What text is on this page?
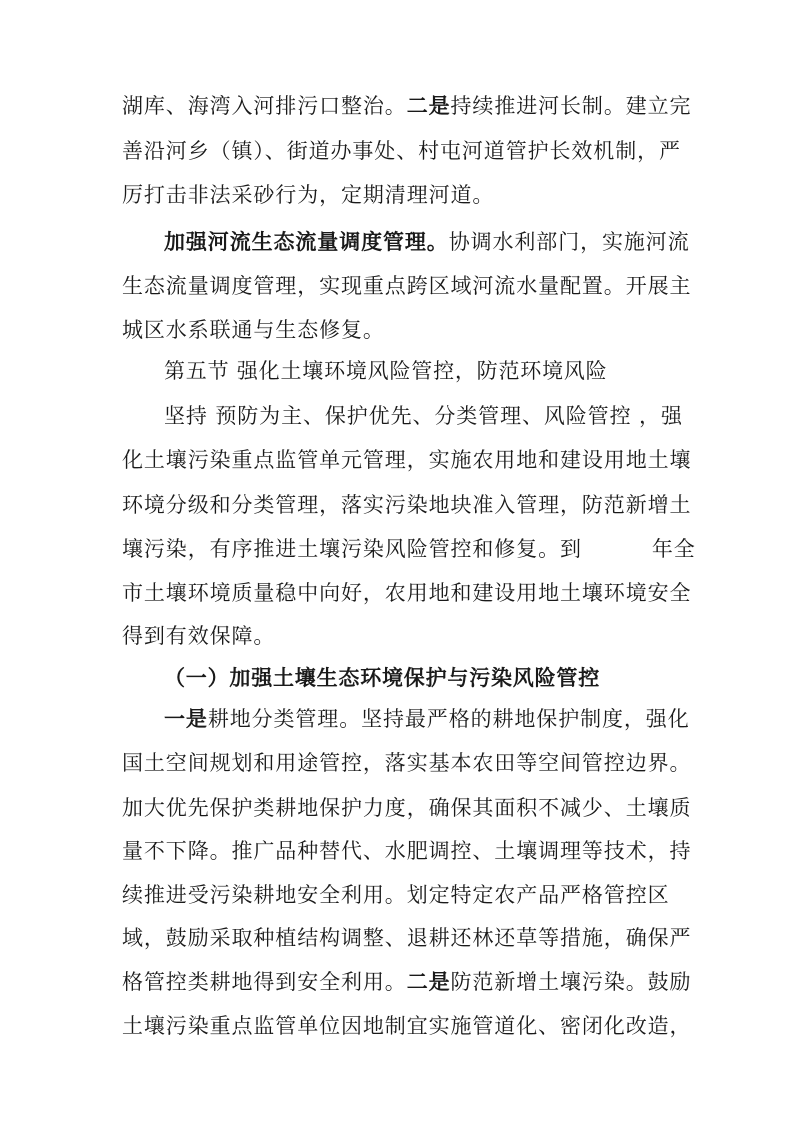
湖库、海湾入河排污口整治。二是持续推进河长制。建立完
善沿河乡（镇）、街道办事处、村屯河道管护长效机制，严
厉打击非法采砂行为，定期清理河道。
加强河流生态流量调度管理。协调水利部门，实施河流
生态流量调度管理，实现重点跨区域河流水量配置。开展主
城区水系联通与生态修复。
第五节 强化土壤环境风险管控，防范环境风险
坚持 预防为主、保护优先、分类管理、风险管控 ，强
化土壤污染重点监管单元管理，实施农用地和建设用地土壤
环境分级和分类管理，落实污染地块准入管理，防范新增土
壤污染，有序推进土壤污染风险管控和修复。到	年全
市土壤环境质量稳中向好，农用地和建设用地土壤环境安全
得到有效保障。
（一）加强土壤生态环境保护与污染风险管控
一是耕地分类管理。坚持最严格的耕地保护制度，强化
国土空间规划和用途管控，落实基本农田等空间管控边界。
加大优先保护类耕地保护力度，确保其面积不减少、土壤质
量不下降。推广品种替代、水肥调控、土壤调理等技术，持
续推进受污染耕地安全利用。划定特定农产品严格管控区
域，鼓励采取种植结构调整、退耕还林还草等措施，确保严
格管控类耕地得到安全利用。二是防范新增土壤污染。鼓励
土壤污染重点监管单位因地制宜实施管道化、密闭化改造，
